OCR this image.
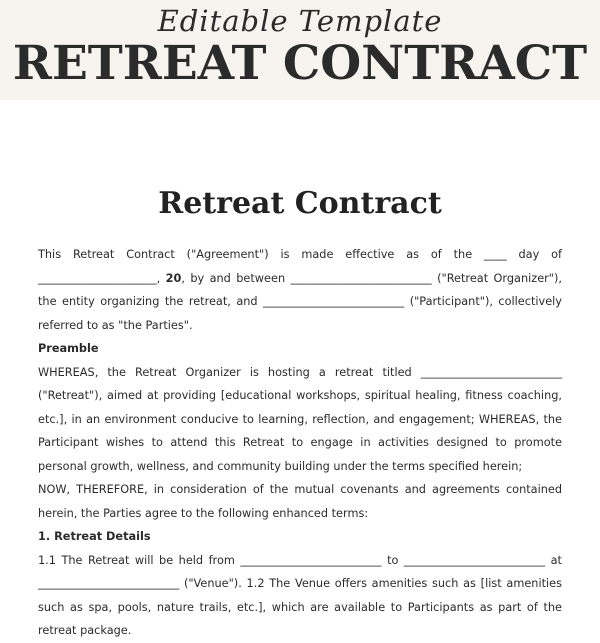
Editable Template
RETREAT CONTRACT
Retreat Contract

This Retreat Contract ("Agreement") is made effective as of the ____ day of _____________________, 20, by and between _________________________ ("Retreat Organizer"), the entity organizing the retreat, and _________________________ ("Participant"), collectively referred to as "the Parties".

Preamble

WHEREAS, the Retreat Organizer is hosting a retreat titled _________________________ ("Retreat"), aimed at providing [educational workshops, spiritual healing, fitness coaching, etc.], in an environment conducive to learning, reflection, and engagement; WHEREAS, the Participant wishes to attend this Retreat to engage in activities designed to promote personal growth, wellness, and community building under the terms specified herein;

NOW, THEREFORE, in consideration of the mutual covenants and agreements contained herein, the Parties agree to the following enhanced terms:

1. Retreat Details

1.1 The Retreat will be held from _________________________ to _________________________ at _________________________ ("Venue"). 1.2 The Venue offers amenities such as [list amenities such as spa, pools, nature trails, etc.], which are available to Participants as part of the retreat package.
